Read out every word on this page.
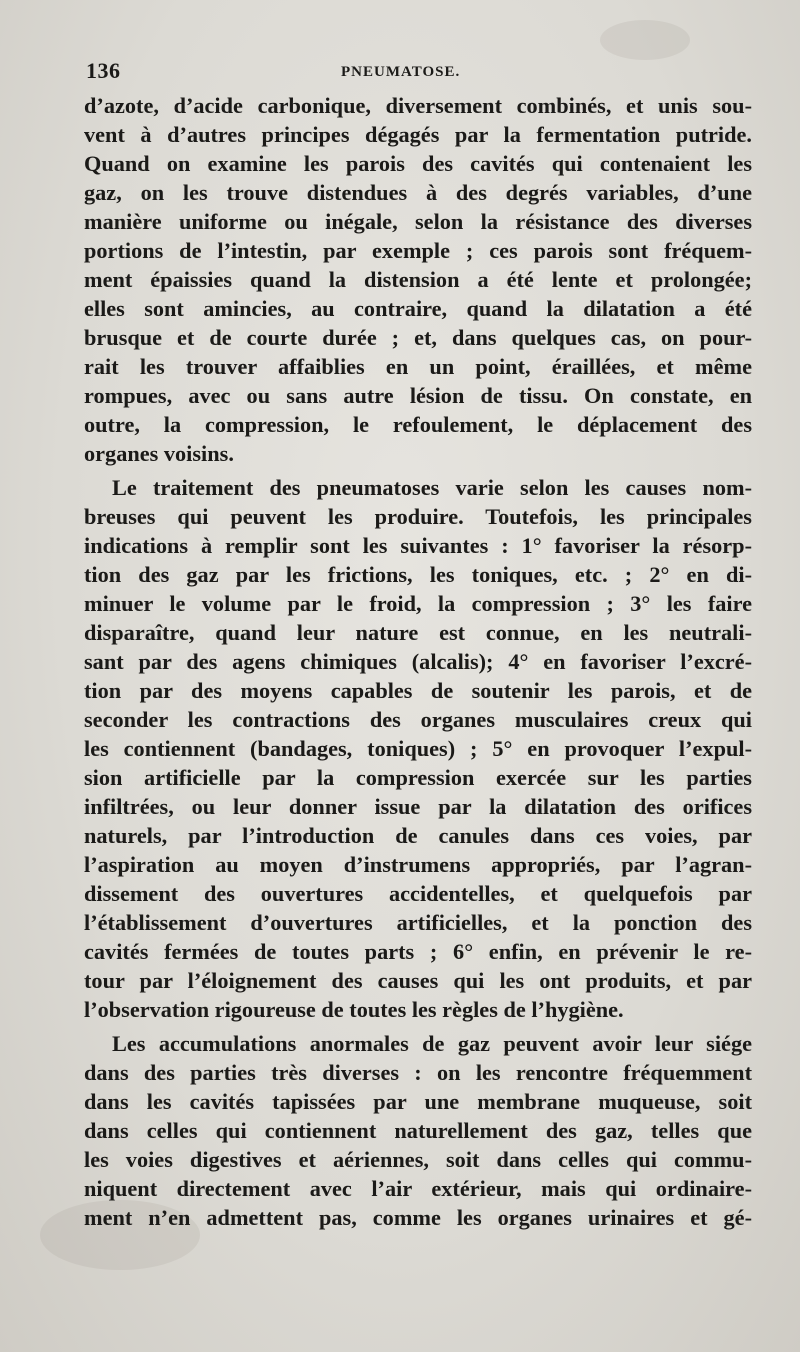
136	PNEUMATOSE.
d’azote, d’acide carbonique, diversement combinés, et unis sou-
vent à d’autres principes dégagés par la fermentation putride.
Quand on examine les parois des cavités qui contenaient les
gaz, on les trouve distendues à des degrés variables, d’une
manière uniforme ou inégale, selon la résistance des diverses
portions de l’intestin, par exemple ; ces parois sont fréquem-
ment épaissies quand la distension a été lente et prolongée;
elles sont amincies, au contraire, quand la dilatation a été
brusque et de courte durée ; et, dans quelques cas, on pour-
rait les trouver affaiblies en un point, éraillées, et même
rompues, avec ou sans autre lésion de tissu. On constate, en
outre, la compression, le refoulement, le déplacement des
organes voisins.
Le traitement des pneumatoses varie selon les causes nom-
breuses qui peuvent les produire. Toutefois, les principales
indications à remplir sont les suivantes : 1° favoriser la résorp-
tion des gaz par les frictions, les toniques, etc. ; 2° en di-
minuer le volume par le froid, la compression ; 3° les faire
disparaître, quand leur nature est connue, en les neutrali-
sant par des agens chimiques (alcalis); 4° en favoriser l’excré-
tion par des moyens capables de soutenir les parois, et de
seconder les contractions des organes musculaires creux qui
les contiennent (bandages, toniques) ; 5° en provoquer l’expul-
sion artificielle par la compression exercée sur les parties
infiltrées, ou leur donner issue par la dilatation des orifices
naturels, par l’introduction de canules dans ces voies, par
l’aspiration au moyen d’instrumens appropriés, par l’agran-
dissement des ouvertures accidentelles, et quelquefois par
l’établissement d’ouvertures artificielles, et la ponction des
cavités fermées de toutes parts ; 6° enfin, en prévenir le re-
tour par l’éloignement des causes qui les ont produits, et par
l’observation rigoureuse de toutes les règles de l’hygiène.
Les accumulations anormales de gaz peuvent avoir leur siége
dans des parties très diverses : on les rencontre fréquemment
dans les cavités tapissées par une membrane muqueuse, soit
dans celles qui contiennent naturellement des gaz, telles que
les voies digestives et aériennes, soit dans celles qui commu-
niquent directement avec l’air extérieur, mais qui ordinaire-
ment n’en admettent pas, comme les organes urinaires et gé-
